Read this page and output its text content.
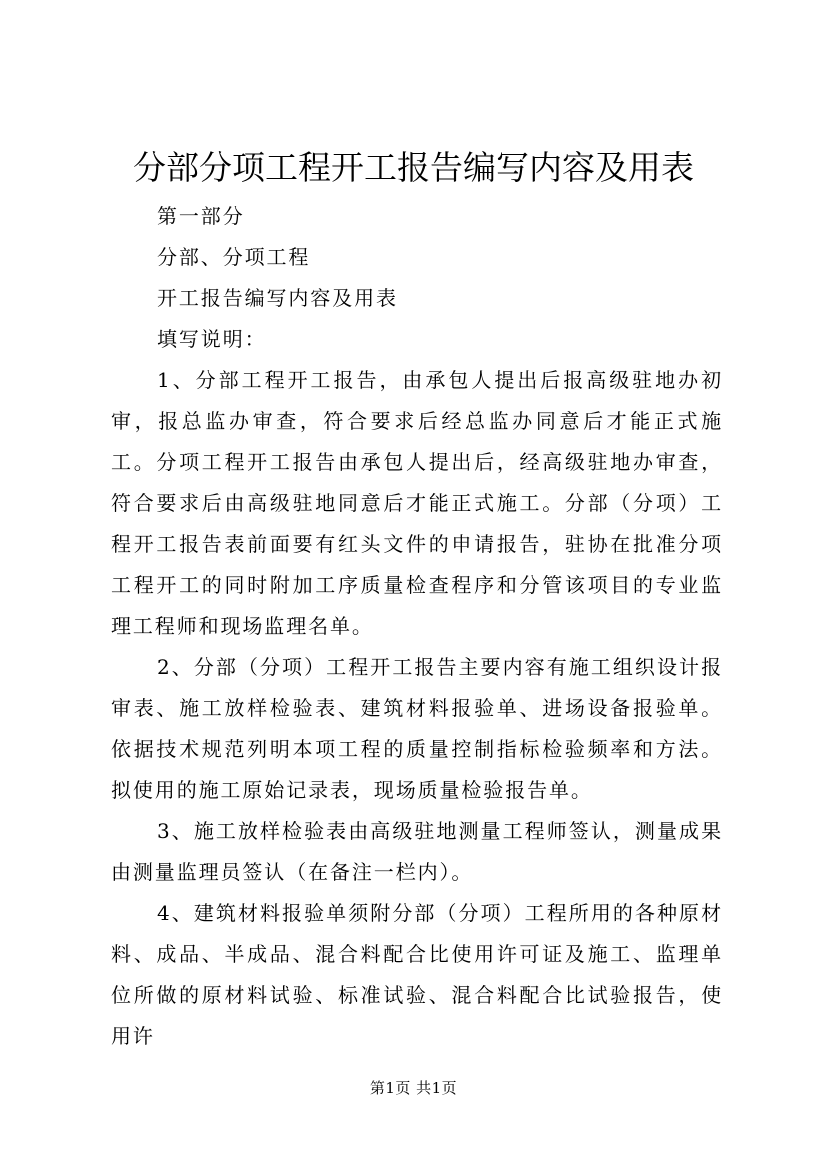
分部分项工程开工报告编写内容及用表

第一部分

分部、分项工程

开工报告编写内容及用表

填写说明：

1、分部工程开工报告，由承包人提出后报高级驻地办初审，报总监办审查，符合要求后经总监办同意后才能正式施工。分项工程开工报告由承包人提出后，经高级驻地办审查，符合要求后由高级驻地同意后才能正式施工。分部（分项）工程开工报告表前面要有红头文件的申请报告，驻协在批准分项工程开工的同时附加工序质量检查程序和分管该项目的专业监理工程师和现场监理名单。

2、分部（分项）工程开工报告主要内容有施工组织设计报审表、施工放样检验表、建筑材料报验单、进场设备报验单。依据技术规范列明本项工程的质量控制指标检验频率和方法。拟使用的施工原始记录表，现场质量检验报告单。

3、施工放样检验表由高级驻地测量工程师签认，测量成果由测量监理员签认（在备注一栏内）。

4、建筑材料报验单须附分部（分项）工程所用的各种原材料、成品、半成品、混合料配合比使用许可证及施工、监理单位所做的原材料试验、标准试验、混合料配合比试验报告，使用许

第1页 共1页
